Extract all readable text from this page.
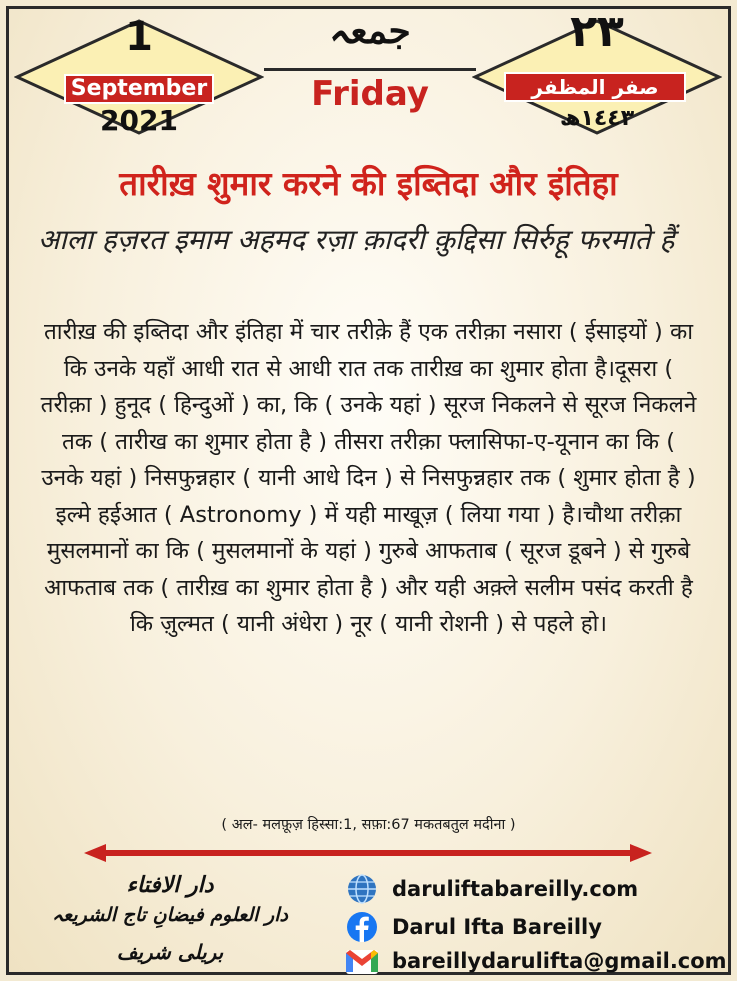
1
September
2021
جمعہ
Friday
٢٣
صفر المظفر
١٤٤٣ھ
तारीख़ शुमार करने की इब्तिदा और इंतिहा
आला हज़रत इमाम अहमद रज़ा क़ादरी क़ुद्दिसा सिर्रुहू फरमाते हैं
तारीख़ की इब्तिदा और इंतिहा में चार तरीक़े हैं एक तरीक़ा नसारा ( ईसाइयों ) का कि उनके यहाँ आधी रात से आधी रात तक तारीख़ का शुमार होता है।दूसरा ( तरीक़ा ) हुनूद ( हिन्दुओं ) का, कि ( उनके यहां ) सूरज निकलने से सूरज निकलने तक ( तारीख का शुमार होता है ) तीसरा तरीक़ा फ्लासिफा-ए-यूनान का कि ( उनके यहां ) निसफुन्नहार ( यानी आधे दिन ) से निसफुन्नहार तक ( शुमार होता है ) इल्मे हईआत ( Astronomy ) में यही माखूज़ ( लिया गया ) है।चौथा तरीक़ा मुसलमानों का कि ( मुसलमानों के यहां ) गुरुबे आफताब ( सूरज डूबने ) से गुरुबे आफताब तक ( तारीख़ का शुमार होता है ) और यही अक़्ले सलीम पसंद करती है कि ज़ुल्मत ( यानी अंधेरा ) नूर ( यानी रोशनी ) से पहले हो।
( अल- मलफ़ूज़ हिस्सा:1, सफ़ा:67 मकतबतुल मदीना )
دار الافتاء
دار العلوم فیضانِ تاج الشریعہ
بریلی شریف
daruliftabareilly.com
Darul Ifta Bareilly
bareillydarulifta@gmail.com
